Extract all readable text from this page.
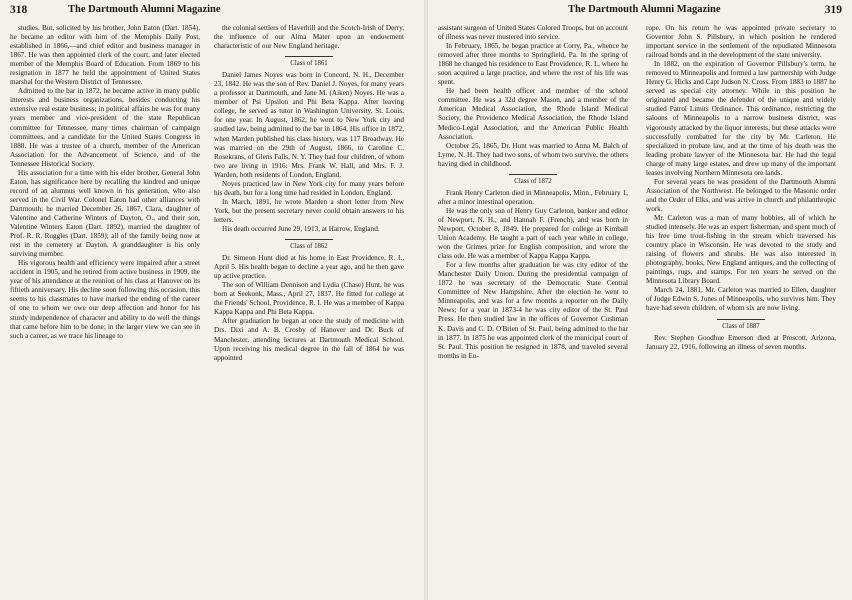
318	The Dartmouth Alumni Magazine

studies. But, solicited by his brother, John Eaton (Dart. 1854), he became an editor with him of the Memphis Daily Post, established in 1866,—and chief editor and business manager in 1867. He was then appointed clerk of the court, and later elected member of the Memphis Board of Education. From 1869 to his resignation in 1877 he held the appointment of United States marshal for the Western District of Tennessee.

Admitted to the bar in 1872, he became active in many public interests and business organizations, besides conducting his extensive real estate business; in political affairs he was for many years member and vice-president of the state Republican committee for Tennessee, many times chairman of campaign committees, and a candidate for the United States Congress in 1888. He was a trustee of a church, member of the American Association for the Advancement of Science, and of the Tennessee Historical Society.

His association for a time with his elder brother, General John Eaton, has significance here by recalling the kindred and unique record of an alumnus well known in his generation, who also served in the Civil War. Colonel Eaton had other alliances with Dartmouth: he married December 26, 1867, Clara, daughter of Valentine and Catherine Winters of Dayton, O., and their son, Valentine Winters Eaton (Dart. 1892), married the daughter of Prof. R. R. Ruggles (Dart. 1859); all of the family being now at rest in the cemetery at Dayton. A granddaughter is his only surviving member.

His vigorous health and efficiency were impaired after a street accident in 1905, and he retired from active business in 1909, the year of his attendance at the reunion of his class at Hanover on its fiftieth anniversary. His decline soon following this occasion, this seems to his classmates to have marked the ending of the career of one to whom we owe our deep affection and honor for his sturdy independence of character and ability to do well the things that came before him to be done; in the larger view we can see in such a career, as we trace his lineage to

the colonial settlers of Haverhill and the Scotch-Irish of Derry, the influence of our Alma Mater upon an endowment characteristic of our New England heritage.

Class of 1861

Daniel James Noyes was born in Concord, N. H., December 23, 1842. He was the son of Rev. Daniel J. Noyes, for many years a professor at Dartmouth, and Jane M. (Aiken) Noyes. He was a member of Psi Upsilon and Phi Beta Kappa. After leaving college, he served as tutor in Washington University, St. Louis, for one year. In August, 1862, he went to New York city and studied law, being admitted to the bar in 1864. His office in 1872, when Marden published his class history, was 117 Broadway. He was married on the 29th of August, 1866, to Caroline C. Rosekrans, of Glens Falls, N. Y. They had four children, of whom two are living in 1916: Mrs. Frank W. Hall, and Mrs. F. J. Warden, both residents of London, England.

Noyes practiced law in New York city for many years before his death, but for a long time had resided in London, England.

In March, 1891, he wrote Marden a short letter from New York, but the present secretary never could obtain answers to his letters.

His death occurred June 29, 1913, at Harrow, England.

Class of 1862

Dr. Simeon Hunt died at his home in East Providence, R. I., April 5. His health began to decline a year ago, and he then gave up active practice.

The son of William Dennison and Lydia (Chase) Hunt, he was born at Seekonk, Mass., April 27, 1837. He fitted for college at the Friends' School, Providence, R. I. He was a member of Kappa Kappa Kappa and Phi Beta Kappa.

After graduation he began at once the study of medicine with Drs. Dixi and A. B. Crosby of Hanover and Dr. Buck of Manchester, attending lectures at Dartmouth Medical School. Upon receiving his medical degree in the fall of 1864 he was appointed

The Dartmouth Alumni Magazine	319

assistant surgeon of United States Colored Troops, but on account of illness was never mustered into service.

In February, 1865, he began practice at Corry, Pa., whence he removed after three months to Springfield, Pa. In the spring of 1868 he changed his residence to East Providence, R. I., where he soon acquired a large practice, and where the rest of his life was spent.

He had been health officer and member of the school committee. He was a 32d degree Mason, and a member of the American Medical Association, the Rhode Island Medical Society, the Providence Medical Association, the Rhode Island Medico-Legal Association, and the American Public Health Association.

October 25, 1865, Dr. Hunt was married to Anna M. Balch of Lyme, N. H. They had two sons, of whom two survive, the others having died in childhood.

Class of 1872

Frank Henry Carleton died in Minneapolis, Minn., February 1, after a minor intestinal operation.

He was the only son of Henry Guy Carleton, banker and editor of Newport, N. H., and Hannah F. (French), and was born in Newport, October 8, 1849. He prepared for college at Kimball Union Academy. He taught a part of each year while in college, won the Grimes prize for English composition, and wrote the class ode. He was a member of Kappa Kappa Kappa.

For a few months after graduation he was city editor of the Manchester Daily Union. During the presidential campaign of 1872 he was secretary of the Democratic State Central Committee of New Hampshire. After the election he went to Minneapolis, and was for a few months a reporter on the Daily News; for a year in 1873-4 he was city editor of the St. Paul Press. He then studied law in the offices of Governor Cushman K. Davis and C. D. O'Brien of St. Paul, being admitted to the bar in 1877. In 1875 he was appointed clerk of the municipal court of St. Paul. This position he resigned in 1878, and traveled several months in Eu-

rope. On his return he was appointed private secretary to Governor John S. Pillsbury, in which position he rendered important service in the settlement of the repudiated Minnesota railroad bonds and in the development of the state university.

In 1882, on the expiration of Governor Pillsbury's term, he removed to Minneapolis and formed a law partnership with Judge Henry G. Hicks and Capt Judson N. Cross. From 1883 to 1887 he served as special city attorney. While in this position he originated and became the defender of the unique and widely studied Patrol Limits Ordinance. This ordinance, restricting the saloons of Minneapolis to a narrow business district, was vigorously attacked by the liquor interests, but these attacks were successfully combatted for the city by Mr. Carleton. He specialized in probate law, and at the time of his death was the leading probate lawyer of the Minnesota bar. He had the legal charge of many large estates, and drew up many of the important leases involving Northern Minnesota ore lands.

For several years he was president of the Dartmouth Alumni Association of the Northwest. He belonged to the Masonic order and the Order of Elks, and was active in church and philanthropic work.

Mr. Carleton was a man of many hobbies, all of which he studied intensely. He was an expert fisherman, and spent much of his free time trout-fishing in the stream which traversed his country place in Wisconsin. He was devoted to the study and raising of flowers and shrubs. He was also interested in photography, books, New England antiques, and the collecting of paintings, rugs, and stamps. For ten years he served on the Minnesota Library Board.

March 24, 1881, Mr. Carleton was married to Ellen, daughter of Judge Edwin S. Jones of Minneapolis, who survives him. They have had seven children, of whom six are now living.

Class of 1887

Rev. Stephen Goodhue Emerson died at Prescott, Arizona, January 22, 1916, following an illness of seven months.
